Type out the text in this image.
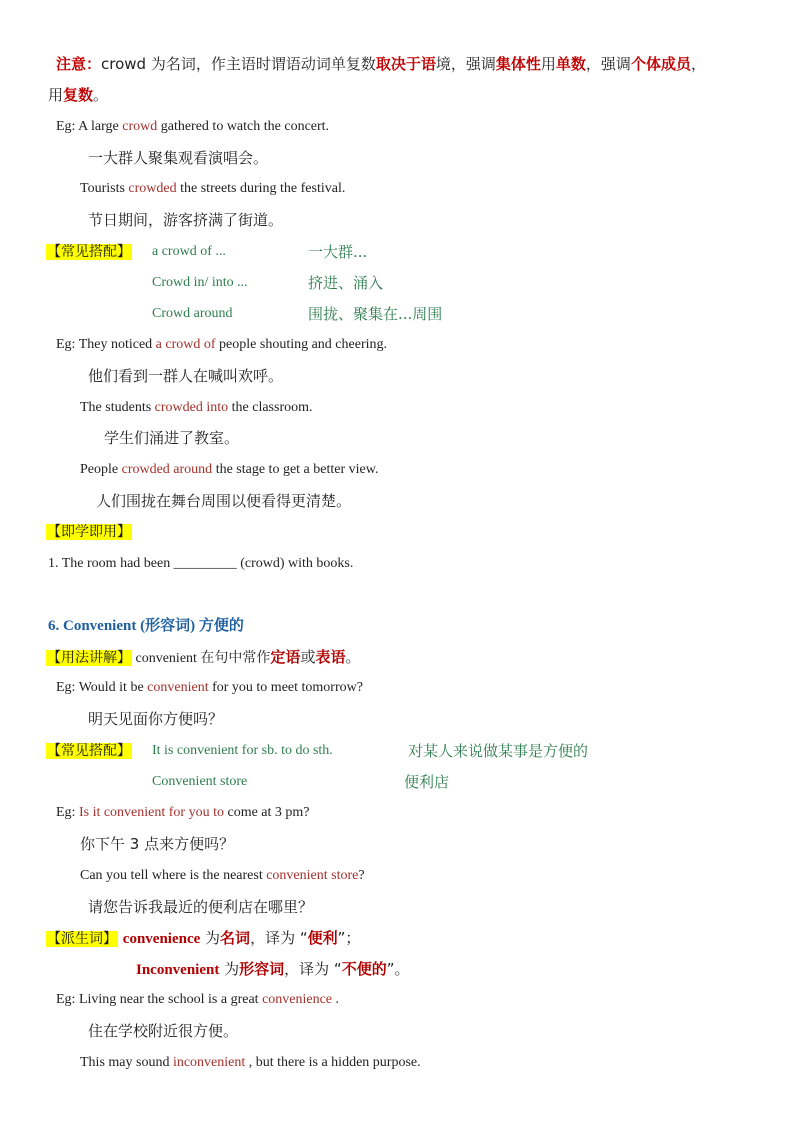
注意：crowd 为名词，作主语时谓语动词单复数取决于语境，强调集体性用单数，强调个体成员，
用复数。
Eg: A large crowd gathered to watch the concert.
一大群人聚集观看演唱会。
Tourists crowded the streets during the festival.
节日期间，游客挤满了街道。
【常见搭配】 a crowd of ...	一大群...
Crowd in/ into ...	挤进、涌入
Crowd around	围拢、聚集在...周围
Eg: They noticed a crowd of people shouting and cheering.
他们看到一群人在喊叫欢呼。
The students crowded into the classroom.
学生们涌进了教室。
People crowded around the stage to get a better view.
人们围拢在舞台周围以便看得更清楚。
【即学即用】
1. The room had been _________ (crowd) with books.
6. Convenient (形容词) 方便的
【用法讲解】 convenient 在句中常作定语或表语。
Eg: Would it be convenient for you to meet tomorrow?
明天见面你方便吗？
【常见搭配】 It is convenient for sb. to do sth.	对某人来说做某事是方便的
Convenient store	便利店
Eg: Is it convenient for you to come at 3 pm?
你下午 3 点来方便吗？
Can you tell where is the nearest convenient store?
请您告诉我最近的便利店在哪里？
【派生词】 convenience 为名词，译为 “便利”；
Inconvenient 为形容词，译为 “不便的”。
Eg: Living near the school is a great convenience .
住在学校附近很方便。
This may sound inconvenient , but there is a hidden purpose.
